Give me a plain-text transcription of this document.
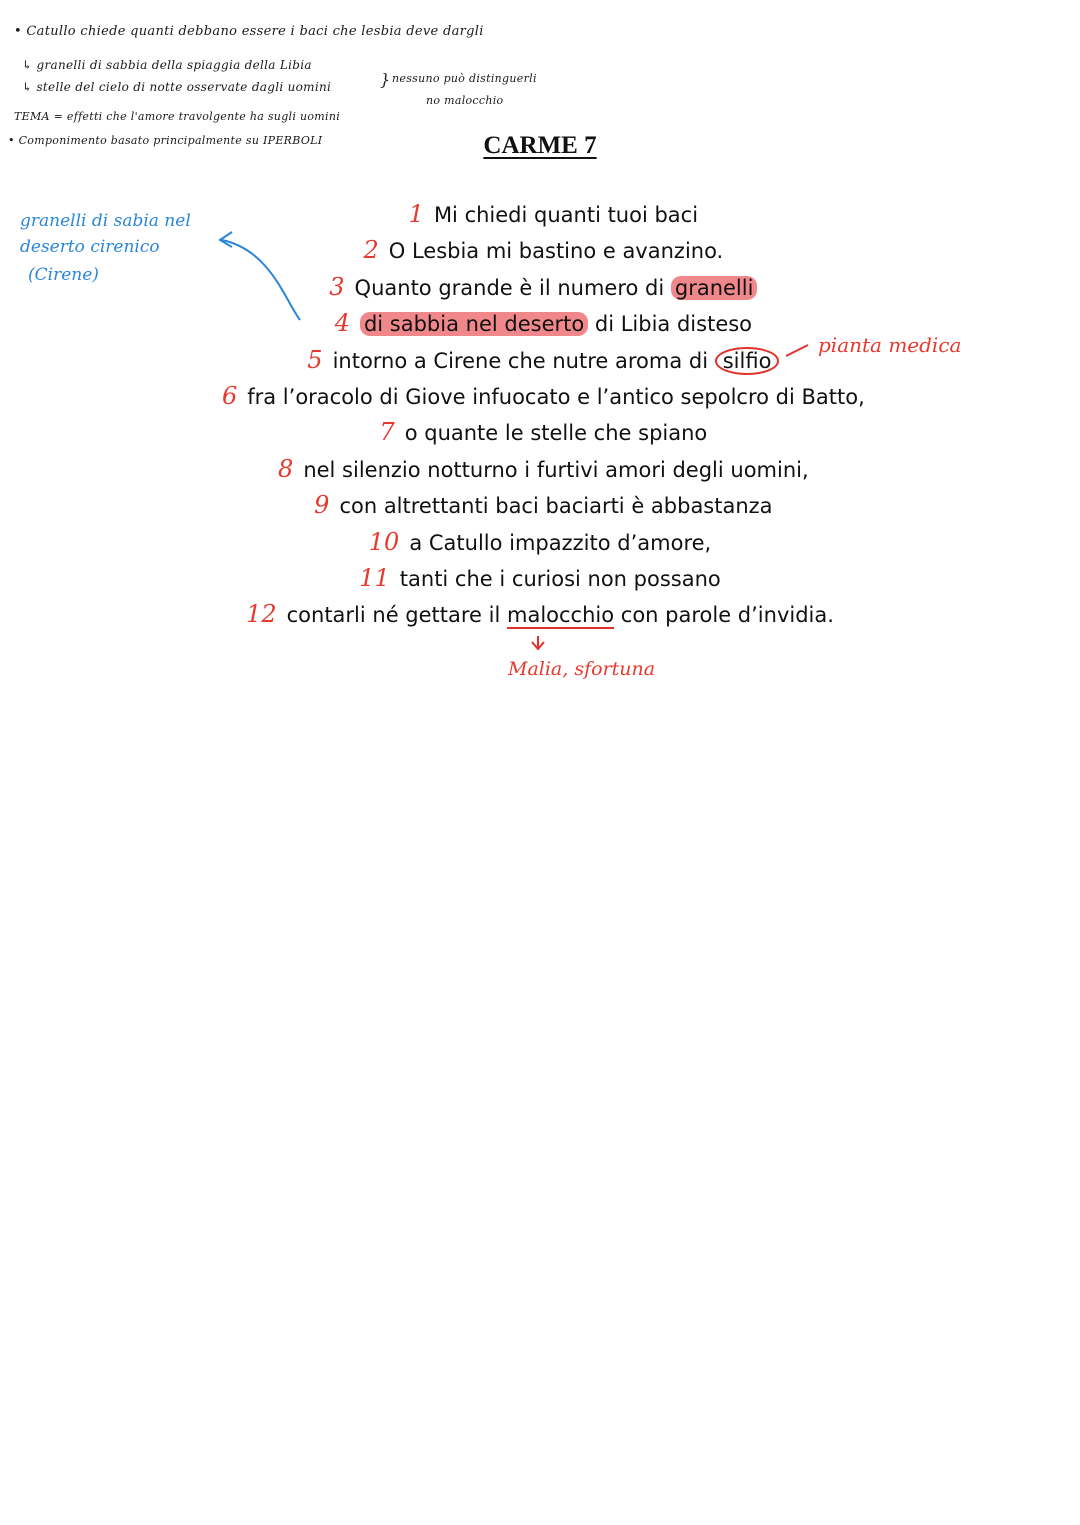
• Catullo chiede quanti debbano essere i baci che lesbia deve dargli
↳ granelli di sabbia della spiaggia della Libia
↳ stelle del cielo di notte osservate dagli uomini	} nessuno può distinguerli
no malocchio
TEMA = effetti che l'amore travolgente ha sugli uomini
• Componimento basato principalmente su IPERBOLI	CARME 7
1 Mi chiedi quanti tuoi baci
2 O Lesbia mi bastino e avanzino.
3 Quanto grande è il numero di granelli
4 di sabbia nel deserto di Libia disteso
5 intorno a Cirene che nutre aroma di silfio
6 fra l’oracolo di Giove infuocato e l’antico sepolcro di Batto,
7 o quante le stelle che spiano
8 nel silenzio notturno i furtivi amori degli uomini,
9 con altrettanti baci baciarti è abbastanza
10 a Catullo impazzito d’amore,
11 tanti che i curiosi non possano
12 contarli né gettare il malocchio con parole d’invidia.
granelli di sabia nel
deserto cirenico
(Cirene)
pianta medica
Malia, sfortuna
